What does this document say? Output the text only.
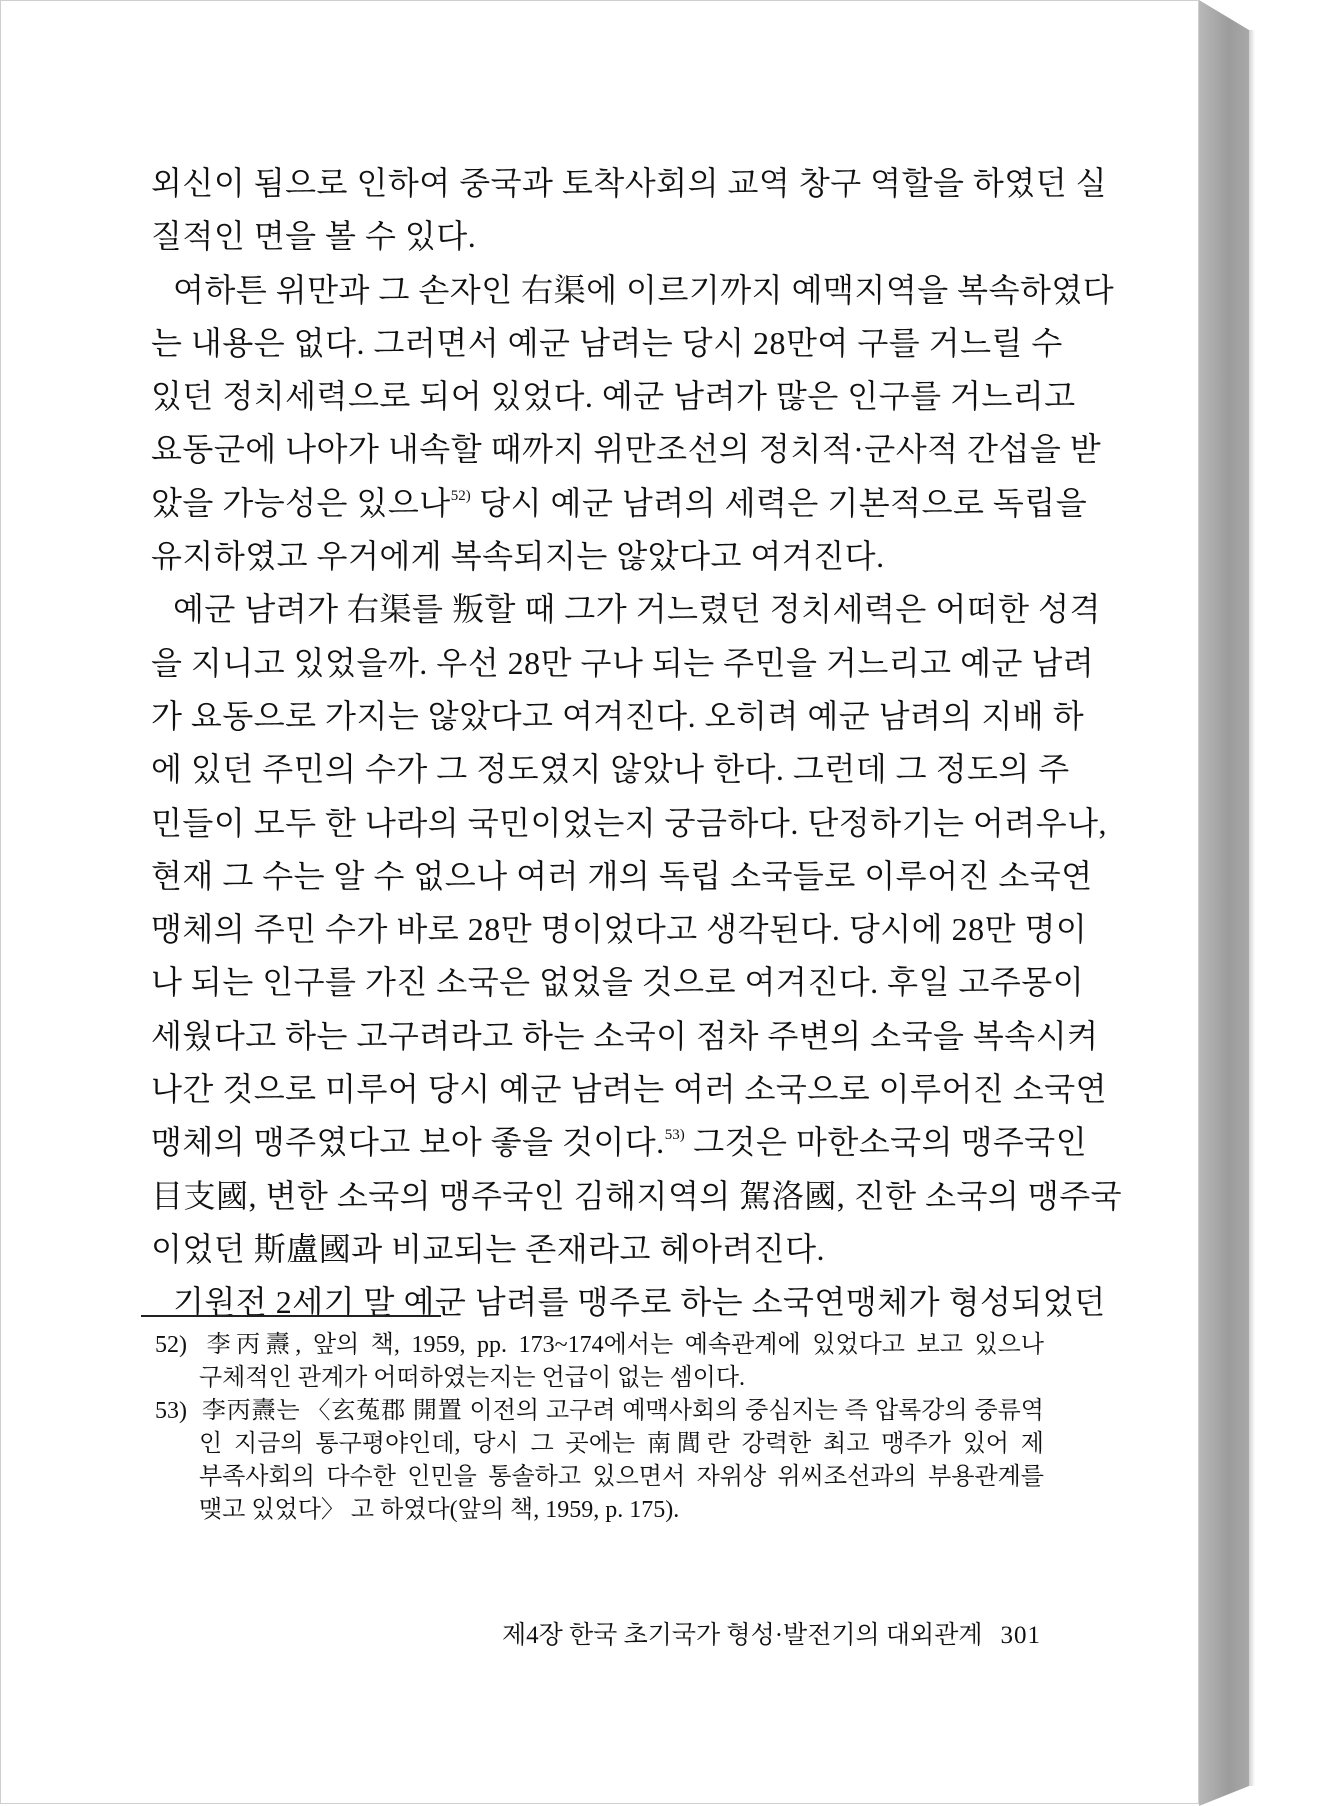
외신이 됨으로 인하여 중국과 토착사회의 교역 창구 역할을 하였던 실
질적인 면을 볼 수 있다.
여하튼 위만과 그 손자인 右渠에 이르기까지 예맥지역을 복속하였다
는 내용은 없다. 그러면서 예군 남려는 당시 28만여 구를 거느릴 수
있던 정치세력으로 되어 있었다. 예군 남려가 많은 인구를 거느리고
요동군에 나아가 내속할 때까지 위만조선의 정치적·군사적 간섭을 받
았을 가능성은 있으나$^{52)}$ 당시 예군 남려의 세력은 기본적으로 독립을
유지하였고 우거에게 복속되지는 않았다고 여겨진다.
예군 남려가 右渠를 叛할 때 그가 거느렸던 정치세력은 어떠한 성격
을 지니고 있었을까. 우선 28만 구나 되는 주민을 거느리고 예군 남려
가 요동으로 가지는 않았다고 여겨진다. 오히려 예군 남려의 지배 하
에 있던 주민의 수가 그 정도였지 않았나 한다. 그런데 그 정도의 주
민들이 모두 한 나라의 국민이었는지 궁금하다. 단정하기는 어려우나,
현재 그 수는 알 수 없으나 여러 개의 독립 소국들로 이루어진 소국연
맹체의 주민 수가 바로 28만 명이었다고 생각된다. 당시에 28만 명이
나 되는 인구를 가진 소국은 없었을 것으로 여겨진다. 후일 고주몽이
세웠다고 하는 고구려라고 하는 소국이 점차 주변의 소국을 복속시켜
나간 것으로 미루어 당시 예군 남려는 여러 소국으로 이루어진 소국연
맹체의 맹주였다고 보아 좋을 것이다.$^{53)}$ 그것은 마한소국의 맹주국인
目支國, 변한 소국의 맹주국인 김해지역의 駕洛國, 진한 소국의 맹주국
이었던 斯盧國과 비교되는 존재라고 헤아려진다.
기원전 2세기 말 예군 남려를 맹주로 하는 소국연맹체가 형성되었던
52) 李丙燾, 앞의 책, 1959, pp. 173~174에서는 예속관계에 있었다고 보고 있으나
구체적인 관계가 어떠하였는지는 언급이 없는 셈이다.
53) 李丙燾는 〈玄菟郡 開置 이전의 고구려 예맥사회의 중심지는 즉 압록강의 중류역
인 지금의 통구평야인데, 당시 그 곳에는 南閭란 강력한 최고 맹주가 있어 제
부족사회의 다수한 인민을 통솔하고 있으면서 자위상 위씨조선과의 부용관계를
맺고 있었다〉 고 하였다(앞의 책, 1959, p. 175).
제4장 한국 초기국가 형성·발전기의 대외관계 301
